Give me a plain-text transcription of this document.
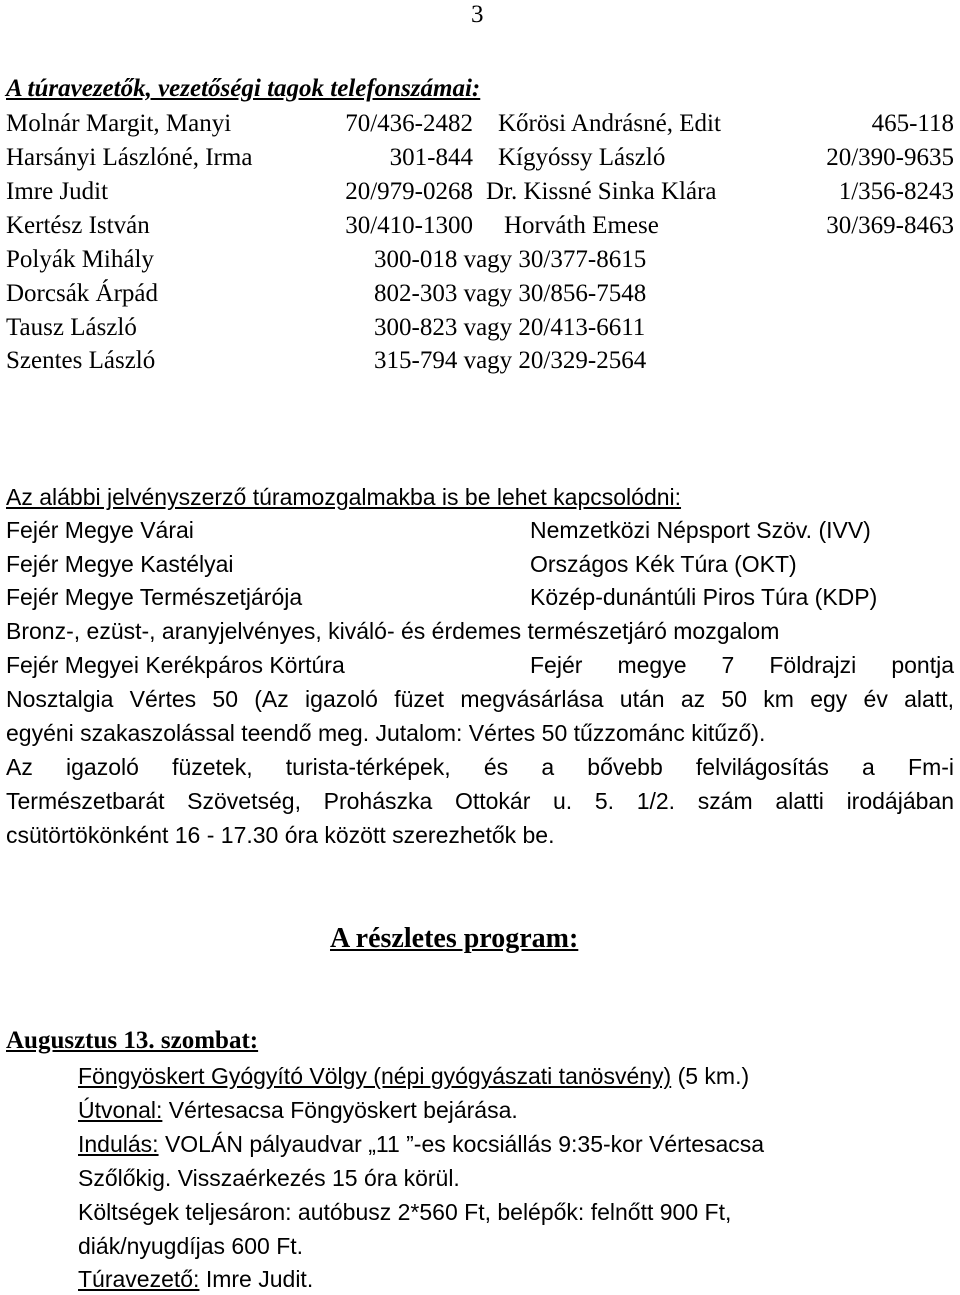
3
A túravezetők, vezetőségi tagok telefonszámai:
Molnár Margit, Manyi	70/436-2482 Kőrösi Andrásné, Edit	465-118
Harsányi Lászlóné, Irma	301-844 Kígyóssy László	20/390-9635
Imre Judit	20/979-0268 Dr. Kissné Sinka Klára	1/356-8243
Kertész István	30/410-1300 Horváth Emese	30/369-8463
Polyák Mihály	300-018 vagy 30/377-8615
Dorcsák Árpád	802-303 vagy 30/856-7548
Tausz László	300-823 vagy 20/413-6611
Szentes László	315-794 vagy 20/329-2564
Az alábbi jelvényszerző túramozgalmakba is be lehet kapcsolódni:
Fejér Megye Várai	Nemzetközi Népsport Szöv. (IVV)
Fejér Megye Kastélyai	Országos Kék Túra (OKT)
Fejér Megye Természetjárója	Közép-dunántúli Piros Túra (KDP)
Bronz-, ezüst-, aranyjelvényes, kiváló- és érdemes természetjáró mozgalom
Fejér Megyei Kerékpáros Körtúra	Fejér megye 7 Földrajzi pontja
Nosztalgia Vértes 50 (Az igazoló füzet megvásárlása után az 50 km egy év alatt,
egyéni szakaszolással teendő meg. Jutalom: Vértes 50 tűzzománc kitűző).
Az igazoló füzetek, turista-térképek, és a bővebb felvilágosítás a Fm-i
Természetbarát Szövetség, Prohászka Ottokár u. 5. 1/2. szám alatti irodájában
csütörtökönként 16 - 17.30 óra között szerezhetők be.
A részletes program:
Augusztus 13. szombat:
Föngyöskert Gyógyító Völgy (népi gyógyászati tanösvény) (5 km.)
Útvonal: Vértesacsa Föngyöskert bejárása.
Indulás: VOLÁN pályaudvar „11 ”-es kocsiállás 9:35-kor Vértesacsa
Szőlőkig. Visszaérkezés 15 óra körül.
Költségek teljesáron: autóbusz 2*560 Ft, belépők: felnőtt 900 Ft,
diák/nyugdíjas 600 Ft.
Túravezető: Imre Judit.
